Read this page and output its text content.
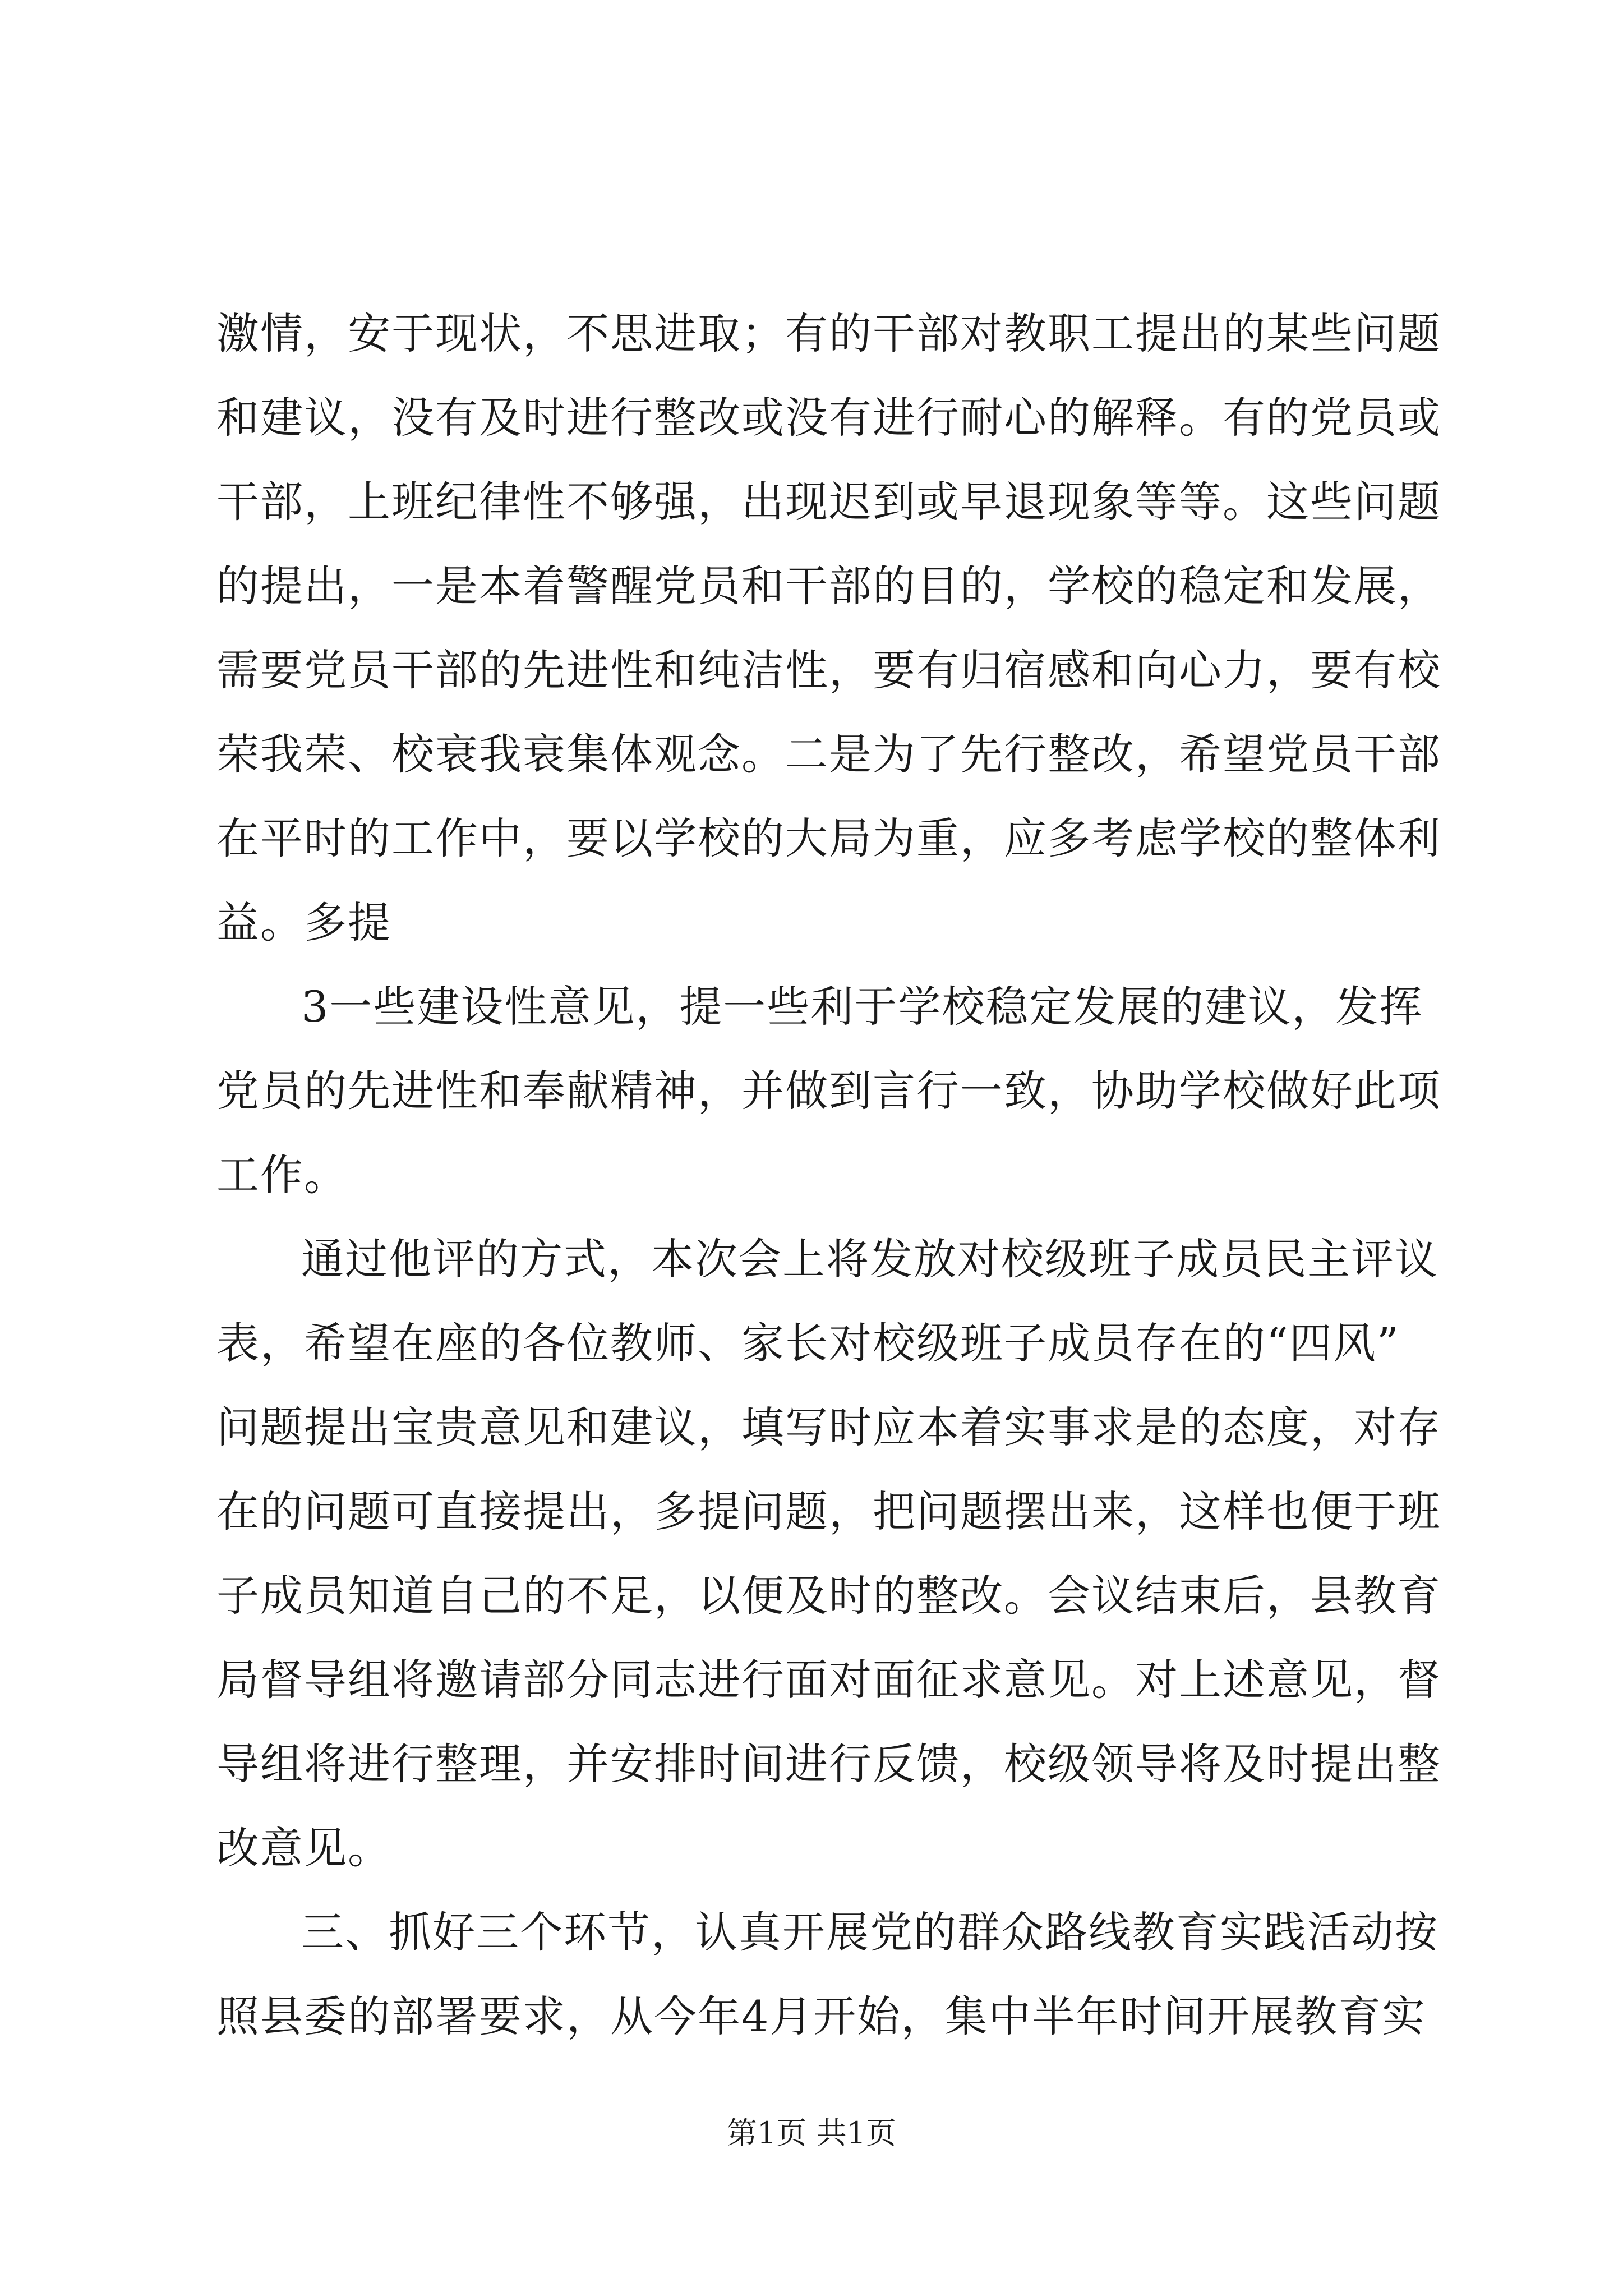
激情，安于现状，不思进取；有的干部对教职工提出的某些问题
和建议，没有及时进行整改或没有进行耐心的解释。有的党员或
干部，上班纪律性不够强，出现迟到或早退现象等等。这些问题
的提出，一是本着警醒党员和干部的目的，学校的稳定和发展，
需要党员干部的先进性和纯洁性，要有归宿感和向心力，要有校
荣我荣、校衰我衰集体观念。二是为了先行整改，希望党员干部
在平时的工作中，要以学校的大局为重，应多考虑学校的整体利
益。多提
3一些建设性意见，提一些利于学校稳定发展的建议，发挥
党员的先进性和奉献精神，并做到言行一致，协助学校做好此项
工作。
通过他评的方式，本次会上将发放对校级班子成员民主评议
表，希望在座的各位教师、家长对校级班子成员存在的“四风”
问题提出宝贵意见和建议，填写时应本着实事求是的态度，对存
在的问题可直接提出，多提问题，把问题摆出来，这样也便于班
子成员知道自己的不足，以便及时的整改。会议结束后，县教育
局督导组将邀请部分同志进行面对面征求意见。对上述意见，督
导组将进行整理，并安排时间进行反馈，校级领导将及时提出整
改意见。
三、抓好三个环节，认真开展党的群众路线教育实践活动按
照县委的部署要求，从今年4月开始，集中半年时间开展教育实
第1页 共1页
